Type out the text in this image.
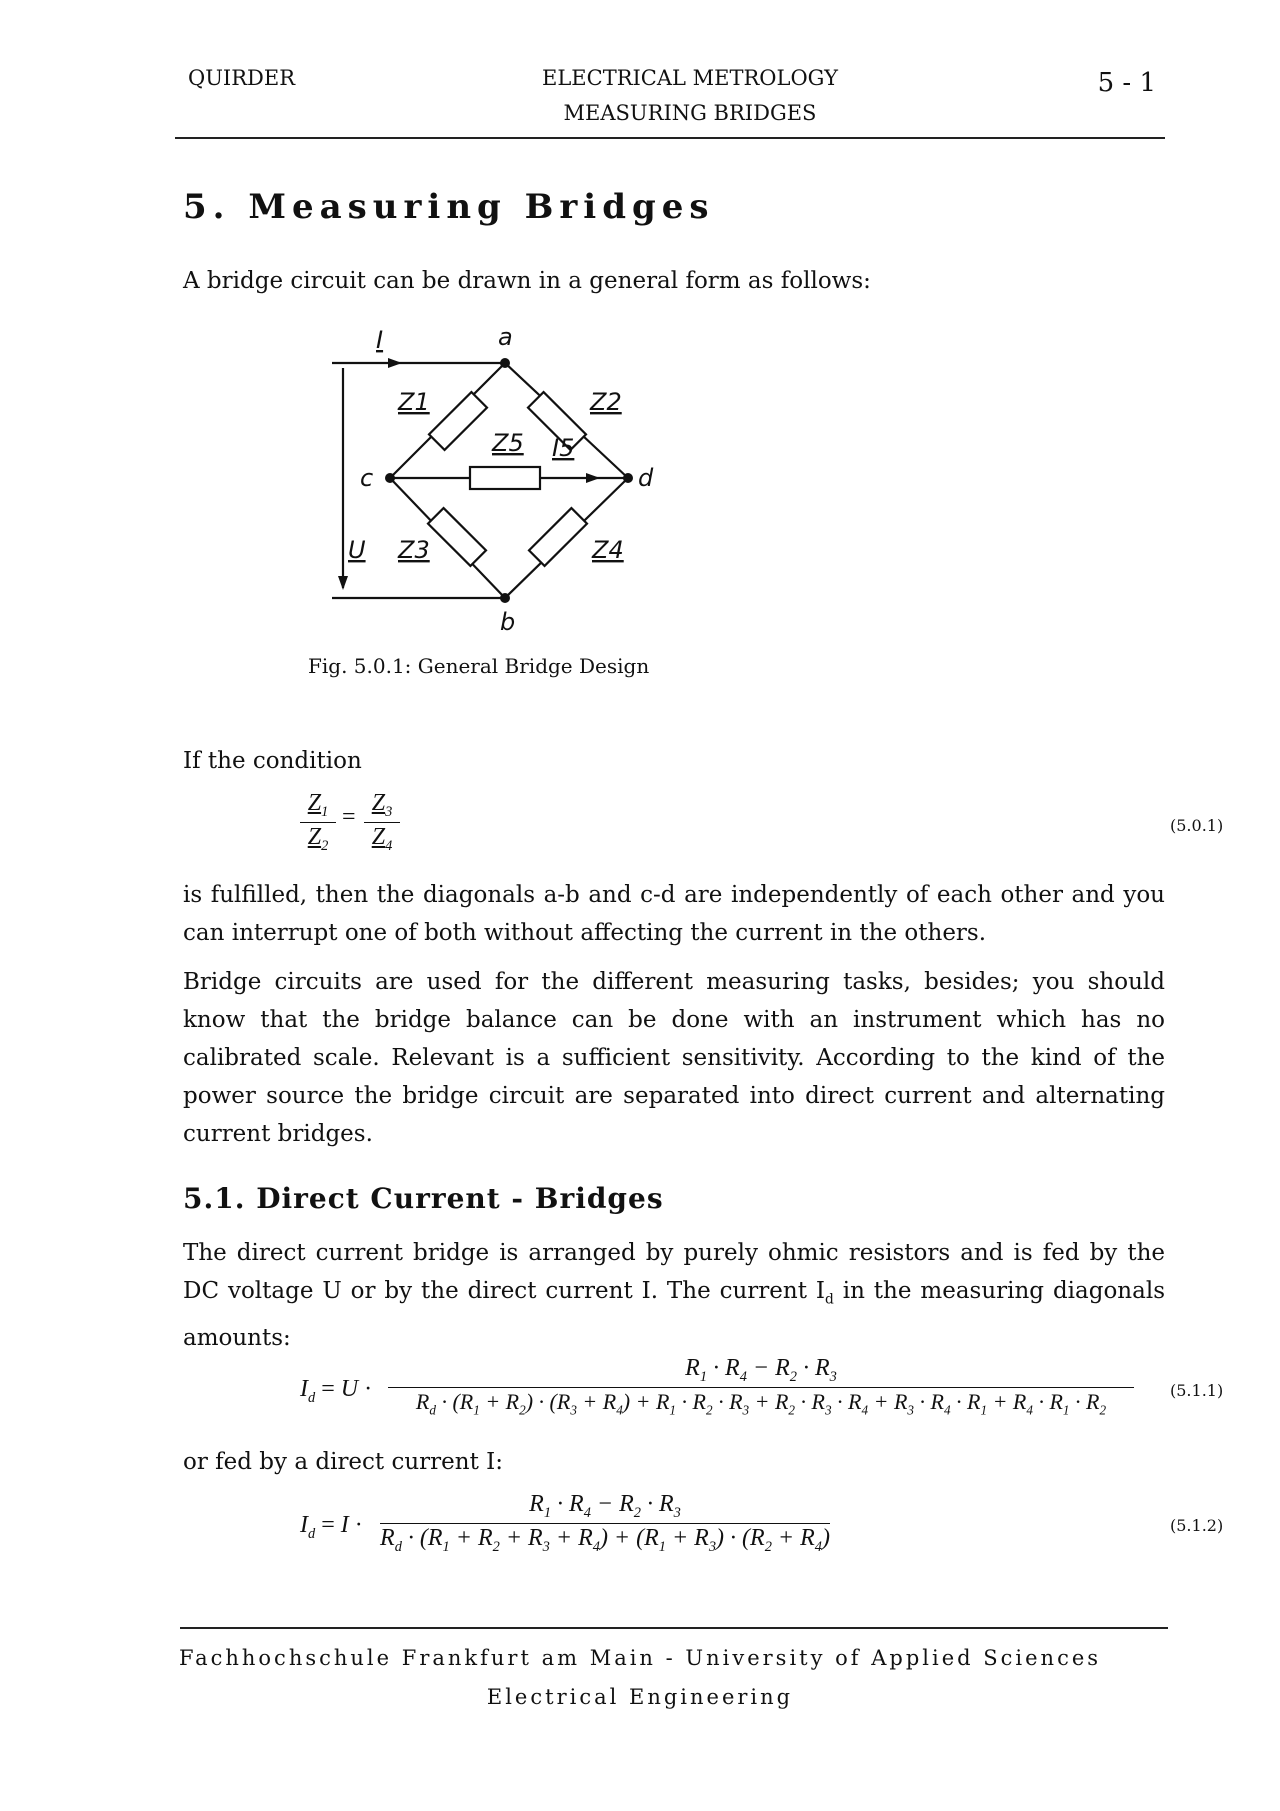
QUIRDER	ELECTRICAL METROLOGY
MEASURING BRIDGES
5 - 1
5. Measuring Bridges
A bridge circuit can be drawn in a general form as follows:
I	a
b
c	d
U
Z1	Z2
Z3	Z4
Z5 I5
Fig. 5.0.1: General Bridge Design
If the condition
$Z_1$
$Z_2$
=
$Z_3$
$Z_4$
(5.0.1)
is fulfilled, then the diagonals a-b and c-d are independently of each other and you can interrupt one of both without affecting the current in the others.
Bridge circuits are used for the different measuring tasks, besides; you should know that the bridge balance can be done with an instrument which has no calibrated scale. Relevant is a sufficient sensitivity. According to the kind of the power source the bridge circuit are separated into direct current and alternating current bridges.
5.1. Direct Current - Bridges
The direct current bridge is arranged by purely ohmic resistors and is fed by the DC voltage U or by the direct current I. The current $I_d$ in the measuring diagonals amounts:
$I_d = U$ ·
$R_1 \cdot R_4 - R_2 \cdot R_3$
$R_d \cdot (R_1 + R_2) \cdot (R_3 + R_4) + R_1 \cdot R_2 \cdot R_3 + R_2 \cdot R_3 \cdot R_4 + R_3 \cdot R_4 \cdot R_1 + R_4 \cdot R_1 \cdot R_2$
(5.1.1)
or fed by a direct current I:
$I_d = I$ ·
$R_1 \cdot R_4 - R_2 \cdot R_3$
$R_d \cdot (R_1 + R_2 + R_3 + R_4) + (R_1 + R_3) \cdot (R_2 + R_4)$	(5.1.2)
Fachhochschule Frankfurt am Main - University of Applied Sciences
Electrical Engineering
